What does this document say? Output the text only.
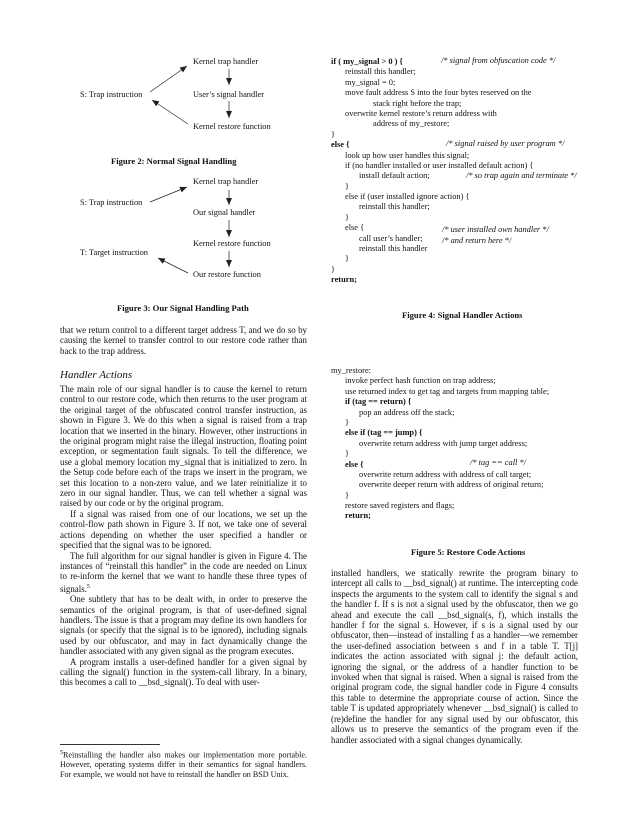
Kernel trap handler
S: Trap instruction	User’s signal handler
Kernel restore function
Figure 2: Normal Signal Handling
Kernel trap handler
S: Trap instruction
Our signal handler
Kernel restore function
T: Target instruction
Our restore function
Figure 3: Our Signal Handling Path

that we return control to a different target address T, and we do so by causing the kernel to transfer control to our restore code rather than back to the trap address.

Handler Actions

The main role of our signal handler is to cause the kernel to return control to our restore code, which then returns to the user program at the original target of the obfuscated control transfer instruction, as shown in Figure 3. We do this when a signal is raised from a trap location that we inserted in the binary. However, other instructions in the original program might raise the illegal instruction, floating point exception, or segmentation fault signals. To tell the difference, we use a global memory location my_signal that is initialized to zero. In the Setup code before each of the traps we insert in the program, we set this location to a non-zero value, and we later reinitialize it to zero in our signal handler. Thus, we can tell whether a signal was raised by our code or by the original program.

If a signal was raised from one of our locations, we set up the control-flow path shown in Figure 3. If not, we take one of several actions depending on whether the user specified a handler or specified that the signal was to be ignored.

The full algorithm for our signal handler is given in Figure 4. The instances of “reinstall this handler” in the code are needed on Linux to re-inform the kernel that we want to handle these three types of signals.$^5$

One subtlety that has to be dealt with, in order to preserve the semantics of the original program, is that of user-defined signal handlers. The issue is that a program may define its own handlers for signals (or specify that the signal is to be ignored), including signals used by our obfuscator, and may in fact dynamically change the handler associated with any given signal as the program executes.

A program installs a user-defined handler for a given signal by calling the signal() function in the system-call library. In a binary, this becomes a call to __bsd_signal(). To deal with user-

$^5$Reinstalling the handler also makes our implementation more portable. However, operating systems differ in their semantics for signal handlers. For example, we would not have to reinstall the handler on BSD Unix.
if ( my_signal > 0 ) {
reinstall this handler;
my_signal = 0;
move fault address S into the four bytes reserved on the
stack right before the trap;
overwrite kernel restore’s return address with
address of my_restore;
}
else {
look up how user handles this signal;
if (no handler installed or user installed default action) {
install default action;
}
else if (user installed ignore action) {
reinstall this handler;
}
else {
call user’s handler;
reinstall this handler
}
}
return;
/* signal from obfuscation code */
/* signal raised by user program */
/* so trap again and terminate */
/* user installed own handler */
/* and return here */
Figure 4: Signal Handler Actions
my_restore:
invoke perfect hash function on trap address;
use returned index to get tag and targets from mapping table;
if (tag == return) {
pop an address off the stack;
}
else if (tag == jump) {
overwrite return address with jump target address;
}
else {
overwrite return address with address of call target;
overwrite deeper return with address of original return;
}
restore saved registers and flags;
return;
/* tag == call */
Figure 5: Restore Code Actions

installed handlers, we statically rewrite the program binary to intercept all calls to __bsd_signal() at runtime. The intercepting code inspects the arguments to the system call to identify the signal s and the handler f. If s is not a signal used by the obfuscator, then we go ahead and execute the call __bsd_signal(s, f), which installs the handler f for the signal s. However, if s is a signal used by our obfuscator, then—instead of installing f as a handler—we remember the user-defined association between s and f in a table T. T[j] indicates the action associated with signal j: the default action, ignoring the signal, or the address of a handler function to be invoked when that signal is raised. When a signal is raised from the original program code, the signal handler code in Figure 4 consults this table to determine the appropriate course of action. Since the table T is updated appropriately whenever __bsd_signal() is called to (re)define the handler for any signal used by our obfuscator, this allows us to preserve the semantics of the program even if the handler associated with a signal changes dynamically.
